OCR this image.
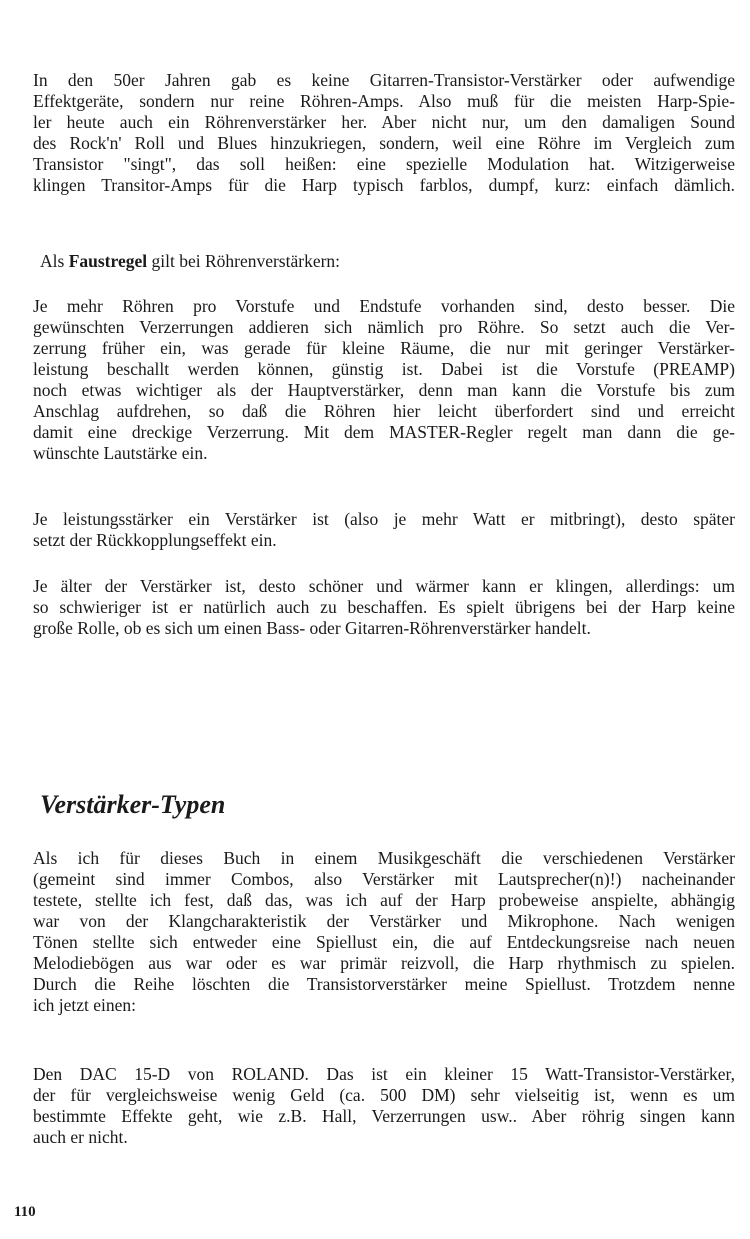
In den 50er Jahren gab es keine Gitarren-Transistor-Verstärker oder aufwendige
Effektgeräte, sondern nur reine Röhren-Amps. Also muß für die meisten Harp-Spie-
ler heute auch ein Röhrenverstärker her. Aber nicht nur, um den damaligen Sound
des Rock'n' Roll und Blues hinzukriegen, sondern, weil eine Röhre im Vergleich zum
Transistor "singt", das soll heißen: eine spezielle Modulation hat. Witzigerweise
klingen Transitor-Amps für die Harp typisch farblos, dumpf, kurz: einfach dämlich.

Als Faustregel gilt bei Röhrenverstärkern:

Je mehr Röhren pro Vorstufe und Endstufe vorhanden sind, desto besser. Die
gewünschten Verzerrungen addieren sich nämlich pro Röhre. So setzt auch die Ver-
zerrung früher ein, was gerade für kleine Räume, die nur mit geringer Verstärker-
leistung beschallt werden können, günstig ist. Dabei ist die Vorstufe (PREAMP)
noch etwas wichtiger als der Hauptverstärker, denn man kann die Vorstufe bis zum
Anschlag aufdrehen, so daß die Röhren hier leicht überfordert sind und erreicht
damit eine dreckige Verzerrung. Mit dem MASTER-Regler regelt man dann die ge-
wünschte Lautstärke ein.
Je leistungsstärker ein Verstärker ist (also je mehr Watt er mitbringt), desto später
setzt der Rückkopplungseffekt ein.
Je älter der Verstärker ist, desto schöner und wärmer kann er klingen, allerdings: um
so schwieriger ist er natürlich auch zu beschaffen. Es spielt übrigens bei der Harp keine
große Rolle, ob es sich um einen Bass- oder Gitarren-Röhrenverstärker handelt.
Verstärker-Typen
Als ich für dieses Buch in einem Musikgeschäft die verschiedenen Verstärker
(gemeint sind immer Combos, also Verstärker mit Lautsprecher(n)!) nacheinander
testete, stellte ich fest, daß das, was ich auf der Harp probeweise anspielte, abhängig
war von der Klangcharakteristik der Verstärker und Mikrophone. Nach wenigen
Tönen stellte sich entweder eine Spiellust ein, die auf Entdeckungsreise nach neuen
Melodiebögen aus war oder es war primär reizvoll, die Harp rhythmisch zu spielen.
Durch die Reihe löschten die Transistorverstärker meine Spiellust. Trotzdem nenne
ich jetzt einen:
Den DAC 15-D von ROLAND. Das ist ein kleiner 15 Watt-Transistor-Verstärker,
der für vergleichsweise wenig Geld (ca. 500 DM) sehr vielseitig ist, wenn es um
bestimmte Effekte geht, wie z.B. Hall, Verzerrungen usw.. Aber röhrig singen kann
auch er nicht.

110
